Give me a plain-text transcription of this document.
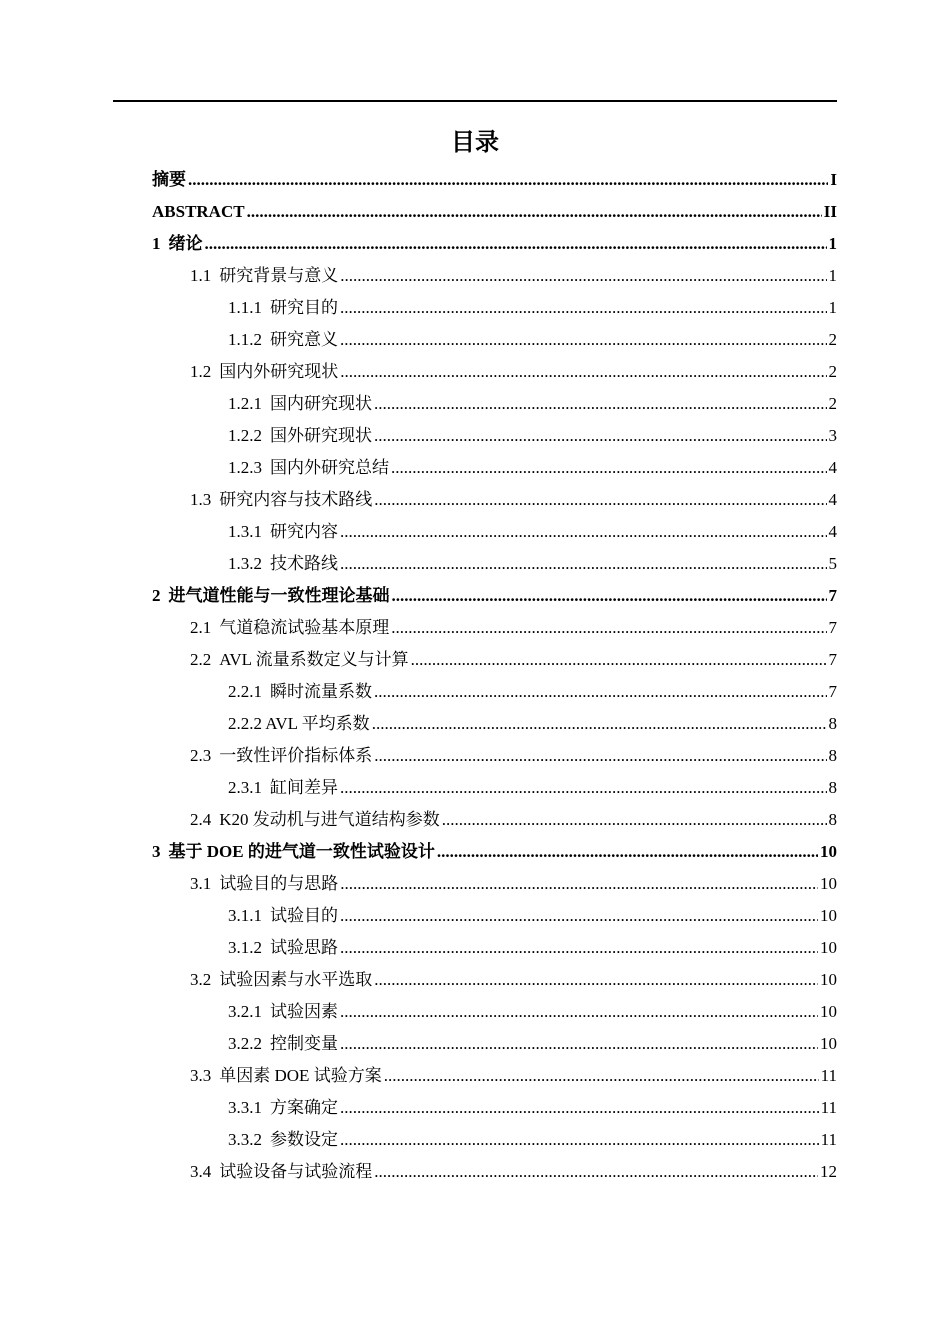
目录
摘要 .....	I
ABSTRACT .....	II
1 绪论 .....	1
1.1 研究背景与意义 .....	1
1.1.1 研究目的 .....	1
1.1.2 研究意义 .....	2
1.2 国内外研究现状 .....	2
1.2.1 国内研究现状 .....	2
1.2.2 国外研究现状 .....	3
1.2.3 国内外研究总结 .....	4
1.3 研究内容与技术路线 .....	4
1.3.1 研究内容 .....	4
1.3.2 技术路线 .....	5
2 进气道性能与一致性理论基础 .....	7
2.1 气道稳流试验基本原理 .....	7
2.2 AVL 流量系数定义与计算 .....	7
2.2.1 瞬时流量系数 .....	7
2.2.2 AVL 平均系数 .....	8
2.3 一致性评价指标体系 .....	8
2.3.1 缸间差异 .....	8
2.4 K20 发动机与进气道结构参数 .....	8
3 基于 DOE 的进气道一致性试验设计 .....	10
3.1 试验目的与思路 .....	10
3.1.1 试验目的 .....	10
3.1.2 试验思路 .....	10
3.2 试验因素与水平选取 .....	10
3.2.1 试验因素 .....	10
3.2.2 控制变量 .....	10
3.3 单因素 DOE 试验方案 .....	11
3.3.1 方案确定 .....	11
3.3.2 参数设定 .....	11
3.4 试验设备与试验流程 .....	12
